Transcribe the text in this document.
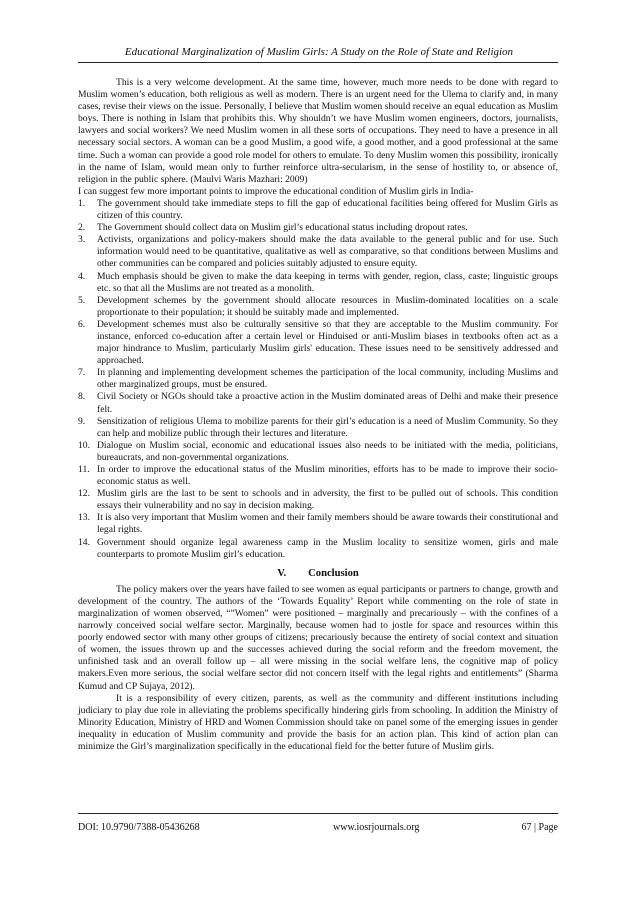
Educational Marginalization of Muslim Girls: A Study on the Role of State and Religion

This is a very welcome development. At the same time, however, much more needs to be done with regard to Muslim women’s education, both religious as well as modern. There is an urgent need for the Ulema to clarify and, in many cases, revise their views on the issue. Personally, I believe that Muslim women should receive an equal education as Muslim boys. There is nothing in Islam that prohibits this. Why shouldn’t we have Muslim women engineers, doctors, journalists, lawyers and social workers? We need Muslim women in all these sorts of occupations. They need to have a presence in all necessary social sectors. A woman can be a good Muslim, a good wife, a good mother, and a good professional at the same time. Such a woman can provide a good role model for others to emulate. To deny Muslim women this possibility, ironically in the name of Islam, would mean only to further reinforce ultra-secularism, in the sense of hostility to, or absence of, religion in the public sphere. (Maulvi Waris Mazhari: 2009)

I can suggest few more important points to improve the educational condition of Muslim girls in India-

1.	The government should take immediate steps to fill the gap of educational facilities being offered for Muslim Girls as citizen of this country.
2.	The Government should collect data on Muslim girl’s educational status including dropout rates.
3.	Activists, organizations and policy-makers should make the data available to the general public and for use. Such information would need to be quantitative, qualitative as well as comparative, so that conditions between Muslims and other communities can be compared and policies suitably adjusted to ensure equity.
4.	Much emphasis should be given to make the data keeping in terms with gender, region, class, caste; linguistic groups etc. so that all the Muslims are not treated as a monolith.
5.	Development schemes by the government should allocate resources in Muslim-dominated localities on a scale proportionate to their population; it should be suitably made and implemented.
6.	Development schemes must also be culturally sensitive so that they are acceptable to the Muslim community. For instance, enforced co-education after a certain level or Hinduised or anti-Muslim biases in textbooks often act as a major hindrance to Muslim, particularly Muslim girls' education. These issues need to be sensitively addressed and approached.
7.	In planning and implementing development schemes the participation of the local community, including Muslims and other marginalized groups, must be ensured.
8.	Civil Society or NGOs should take a proactive action in the Muslim dominated areas of Delhi and make their presence felt.
9.	Sensitization of religious Ulema to mobilize parents for their girl’s education is a need of Muslim Community. So they can help and mobilize public through their lectures and literature.
10. Dialogue on Muslim social, economic and educational issues also needs to be initiated with the media, politicians, bureaucrats, and non-governmental organizations.
11. In order to improve the educational status of the Muslim minorities, efforts has to be made to improve their socio-economic status as well.
12. Muslim girls are the last to be sent to schools and in adversity, the first to be pulled out of schools. This condition essays their vulnerability and no say in decision making.
13. It is also very important that Muslim women and their family members should be aware towards their constitutional and legal rights.
14. Government should organize legal awareness camp in the Muslim locality to sensitize women, girls and male counterparts to promote Muslim girl’s education.
V. Conclusion

The policy makers over the years have failed to see women as equal participants or partners to change, growth and development of the country. The authors of the ‘Towards Equality’ Report while commenting on the role of state in marginalization of women observed, “”Women” were positioned – marginally and precariously – with the confines of a narrowly conceived social welfare sector. Marginally, because women had to jostle for space and resources within this poorly endowed sector with many other groups of citizens; precariously because the entirety of social context and situation of women, the issues thrown up and the successes achieved during the social reform and the freedom movement, the unfinished task and an overall follow up – all were missing in the social welfare lens, the cognitive map of policy makers.Even more serious, the social welfare sector did not concern itself with the legal rights and entitlements” (Sharma Kumud and CP Sujaya, 2012).

It is a responsibility of every citizen, parents, as well as the community and different institutions including judiciary to play due role in alleviating the problems specifically hindering girls from schooling. In addition the Ministry of Minority Education, Ministry of HRD and Women Commission should take on panel some of the emerging issues in gender inequality in education of Muslim community and provide the basis for an action plan. This kind of action plan can minimize the Girl’s marginalization specifically in the educational field for the better future of Muslim girls.

DOI: 10.9790/7388-05436268	www.iosrjournals.org	67 | Page
